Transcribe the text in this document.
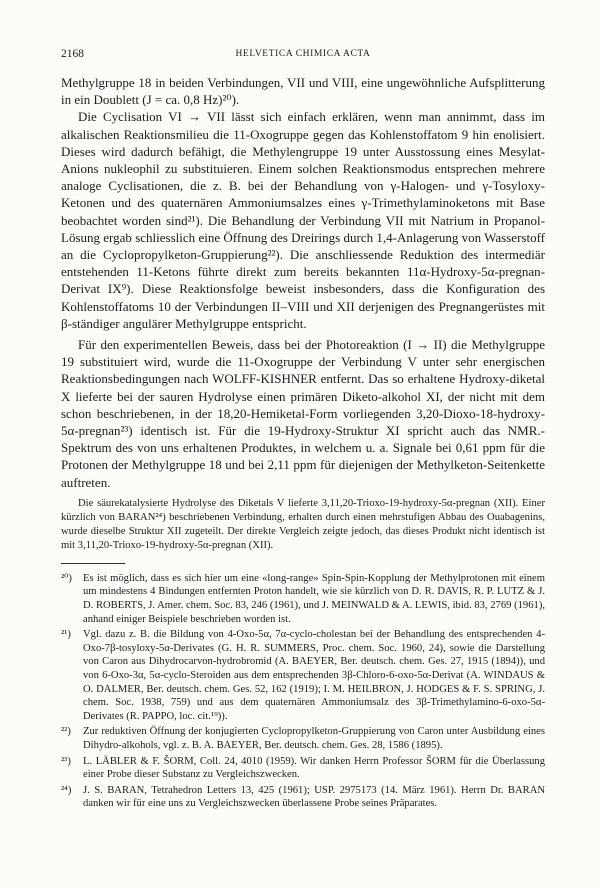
2168	HELVETICA CHIMICA ACTA

Methylgruppe 18 in beiden Verbindungen, VII und VIII, eine ungewöhnliche Aufsplitterung in ein Doublett (J = ca. 0,8 Hz)²⁰).

Die Cyclisation VI → VII lässt sich einfach erklären, wenn man annimmt, dass im alkalischen Reaktionsmilieu die 11-Oxogruppe gegen das Kohlenstoffatom 9 hin enolisiert. Dieses wird dadurch befähigt, die Methylengruppe 19 unter Ausstossung eines Mesylat-Anions nukleophil zu substituieren. Einem solchen Reaktionsmodus entsprechen mehrere analoge Cyclisationen, die z. B. bei der Behandlung von γ-Halogen- und γ-Tosyloxy-Ketonen und des quaternären Ammoniumsalzes eines γ-Trimethylaminoketons mit Base beobachtet worden sind²¹). Die Behandlung der Verbindung VII mit Natrium in Propanol-Lösung ergab schliesslich eine Öffnung des Dreirings durch 1,4-Anlagerung von Wasserstoff an die Cyclopropylketon-Gruppierung²²). Die anschliessende Reduktion des intermediär entstehenden 11-Ketons führte direkt zum bereits bekannten 11α-Hydroxy-5α-pregnan-Derivat IX⁹). Diese Reaktionsfolge beweist insbesonders, dass die Konfiguration des Kohlenstoffatoms 10 der Verbindungen II–VIII und XII derjenigen des Pregnangerüstes mit β-ständiger angulärer Methylgruppe entspricht.

Für den experimentellen Beweis, dass bei der Photoreaktion (I → II) die Methylgruppe 19 substituiert wird, wurde die 11-Oxogruppe der Verbindung V unter sehr energischen Reaktionsbedingungen nach WOLFF-KISHNER entfernt. Das so erhaltene Hydroxy-diketal X lieferte bei der sauren Hydrolyse einen primären Diketo-alkohol XI, der nicht mit dem schon beschriebenen, in der 18,20-Hemiketal-Form vorliegenden 3,20-Dioxo-18-hydroxy-5α-pregnan²³) identisch ist. Für die 19-Hydroxy-Struktur XI spricht auch das NMR.-Spektrum des von uns erhaltenen Produktes, in welchem u. a. Signale bei 0,61 ppm für die Protonen der Methylgruppe 18 und bei 2,11 ppm für diejenigen der Methylketon-Seitenkette auftreten.

Die säurekatalysierte Hydrolyse des Diketals V lieferte 3,11,20-Trioxo-19-hydroxy-5α-pregnan (XII). Einer kürzlich von BARAN²⁴) beschriebenen Verbindung, erhalten durch einen mehrstufigen Abbau des Ouabagenins, wurde dieselbe Struktur XII zugeteilt. Der direkte Vergleich zeigte jedoch, das dieses Produkt nicht identisch ist mit 3,11,20-Trioxo-19-hydroxy-5α-pregnan (XII).

²⁰) Es ist möglich, dass es sich hier um eine «long-range» Spin-Spin-Kopplung der Methylprotonen mit einem um mindestens 4 Bindungen entfernten Proton handelt, wie sie kürzlich von D. R. DAVIS, R. P. LUTZ & J. D. ROBERTS, J. Amer. chem. Soc. 83, 246 (1961), und J. MEINWALD & A. LEWIS, ibid. 83, 2769 (1961), anhand einiger Beispiele beschrieben worden ist.

²¹) Vgl. dazu z. B. die Bildung von 4-Oxo-5α, 7α-cyclo-cholestan bei der Behandlung des entsprechenden 4-Oxo-7β-tosyloxy-5α-Derivates (G. H. R. SUMMERS, Proc. chem. Soc. 1960, 24), sowie die Darstellung von Caron aus Dihydrocarvon-hydrobromid (A. BAEYER, Ber. deutsch. chem. Ges. 27, 1915 (1894)), und von 6-Oxo-3α, 5α-cyclo-Steroiden aus dem entsprechenden 3β-Chloro-6-oxo-5α-Derivat (A. WINDAUS & O. DALMER, Ber. deutsch. chem. Ges. 52, 162 (1919); I. M. HEILBRON, J. HODGES & F. S. SPRING, J. chem. Soc. 1938, 759) und aus dem quaternären Ammoniumsalz des 3β-Trimethylamino-6-oxo-5α-Derivates (R. PAPPO, loc. cit.¹⁹)).

²²) Zur reduktiven Öffnung der konjugierten Cyclopropylketon-Gruppierung von Caron unter Ausbildung eines Dihydro-alkohols, vgl. z. B. A. BAEYER, Ber. deutsch. chem. Ges. 28, 1586 (1895).

²³) L. LÄBLER & F. ŠORM, Coll. 24, 4010 (1959). Wir danken Herrn Professor ŠORM für die Überlassung einer Probe dieser Substanz zu Vergleichszwecken.

²⁴) J. S. BARAN, Tetrahedron Letters 13, 425 (1961); USP. 2975173 (14. März 1961). Herrn Dr. BARAN danken wir für eine uns zu Vergleichszwecken überlassene Probe seines Präparates.
